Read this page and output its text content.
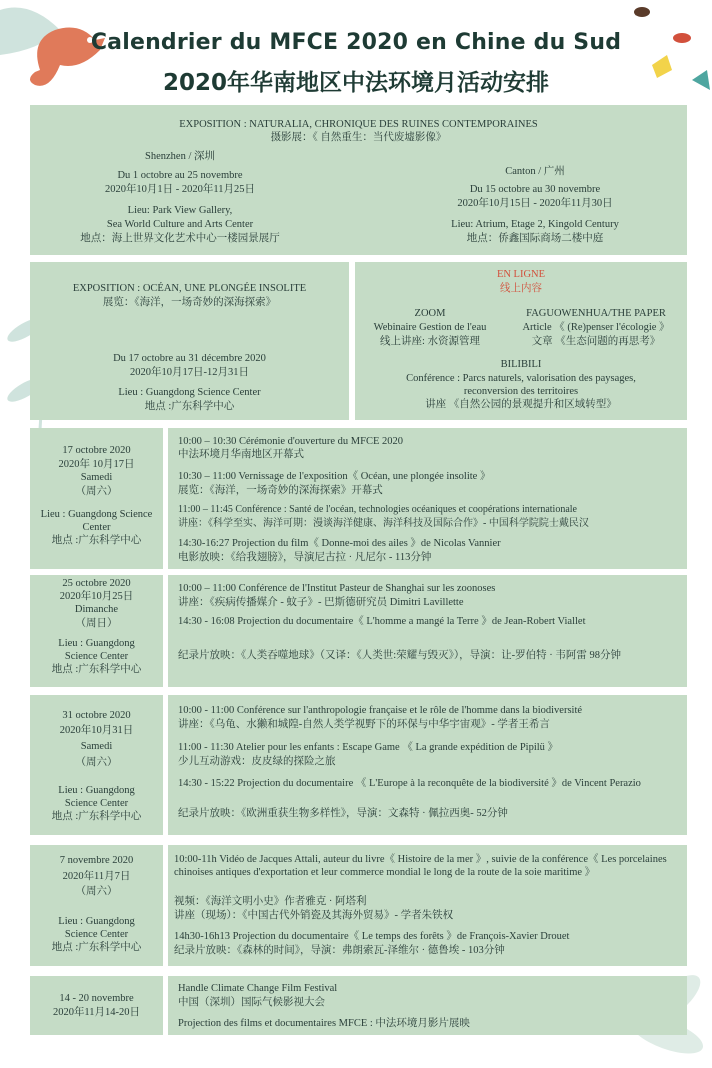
Calendrier du MFCE 2020 en Chine du Sud
2020年华南地区中法环境月活动安排
EXPOSITION : NATURALIA, CHRONIQUE DES RUINES CONTEMPORAINES
摄影展：《 自然重生：当代废墟影像》
Shenzhen / 深圳
Du 1 octobre au 25 novembre
2020年10月1日 - 2020年11月25日
Lieu: Park View Gallery,
Sea World Culture and Arts Center
地点：海上世界文化艺术中心一楼园景展厅
Canton / 广州
Du 15 octobre au 30 novembre
2020年10月15日 - 2020年11月30日
Lieu: Atrium, Etage 2, Kingold Century
地点：侨鑫国际商场二楼中庭
EXPOSITION : OCÉAN, UNE PLONGÉE INSOLITE
展览：《海洋，一场奇妙的深海探索》
Du 17 octobre au 31 décembre 2020
2020年10月17日-12月31日
Lieu : Guangdong Science Center
地点 :广东科学中心
EN LIGNE
线上内容
ZOOM
Webinaire Gestion de l'eau
线上讲座: 水资源管理
FAGUOWENHUA/THE PAPER
Article 《 (Re)penser l'écologie 》
文章 《生态问题的再思考》
BILIBILI
Conférence : Parcs naturels, valorisation des paysages,
reconversion des territoires
讲座 《自然公园的景观提升和区域转型》
17 octobre 2020
2020年 10月17日
Samedi
（周六）
Lieu : Guangdong Science
Center
地点 :广东科学中心
10:00 – 10:30 Cérémonie d'ouverture du MFCE 2020
中法环境月华南地区开幕式
10:30 – 11:00 Vernissage de l'exposition《 Océan, une plongée insolite 》
展览：《海洋，一场奇妙的深海探索》开幕式
11:00 – 11:45 Conférence : Santé de l'océan, technologies océaniques et coopérations internationale
讲座：《科学至实、海洋可期：漫谈海洋健康、海洋科技及国际合作》- 中国科学院院士戴民汉
14:30-16:27 Projection du film《 Donne-moi des ailes 》de Nicolas Vannier
电影放映：《给我翅膀》，导演尼古拉 · 凡尼尔 - 113分钟
25 octobre 2020
2020年10月25日
Dimanche
（周日）
Lieu : Guangdong
Science Center
地点 :广东科学中心
10:00 – 11:00 Conférence de l'Institut Pasteur de Shanghai sur les zoonoses
讲座：《疾病传播媒介 - 蚊子》- 巴斯德研究员 Dimitri Lavillette
14:30 - 16:08 Projection du documentaire《 L'homme a mangé la Terre 》de Jean-Robert Viallet
纪录片放映：《人类吞噬地球》（又译：《人类世:荣耀与毁灭》），导演：让-罗伯特 · 韦阿雷 98分钟
31 octobre 2020
2020年10月31日
Samedi
（周六）
Lieu : Guangdong
Science Center
地点 :广东科学中心
10:00 - 11:00 Conférence sur l'anthropologie française et le rôle de l'homme dans la biodiversité
讲座：《乌龟、水獭和城隍-自然人类学视野下的环保与中华宇宙观》- 学者王希言
11:00 - 11:30 Atelier pour les enfants : Escape Game 《 La grande expédition de Pipilü 》
少儿互动游戏：皮皮绿的探险之旅
14:30 - 15:22 Projection du documentaire 《 L'Europe à la reconquête de la biodiversité 》de Vincent Perazio
纪录片放映：《欧洲重获生物多样性》，导演：文森特 · 佩拉西奥- 52分钟
7 novembre 2020
2020年11月7日
（周六）
Lieu : Guangdong
Science Center
地点 :广东科学中心
10:00-11h Vidéo de Jacques Attali, auteur du livre《 Histoire de la mer 》, suivie de la conférence《 Les porcelaines chinoises antiques d'exportation et leur commerce mondial le long de la route de la soie maritime 》
视频：《海洋文明小史》作者雅克 · 阿塔利
讲座（现场）：《中国古代外销瓷及其海外贸易》- 学者朱铁权
14h30-16h13 Projection du documentaire《 Le temps des forêts 》de François-Xavier Drouet
纪录片放映：《森林的时间》，导演：弗朗索瓦-泽维尔 · 德鲁埃 - 103分钟
14 - 20 novembre
2020年11月14-20日
Handle Climate Change Film Festival
中国（深圳）国际气候影视大会
Projection des films et documentaires MFCE : 中法环境月影片展映
